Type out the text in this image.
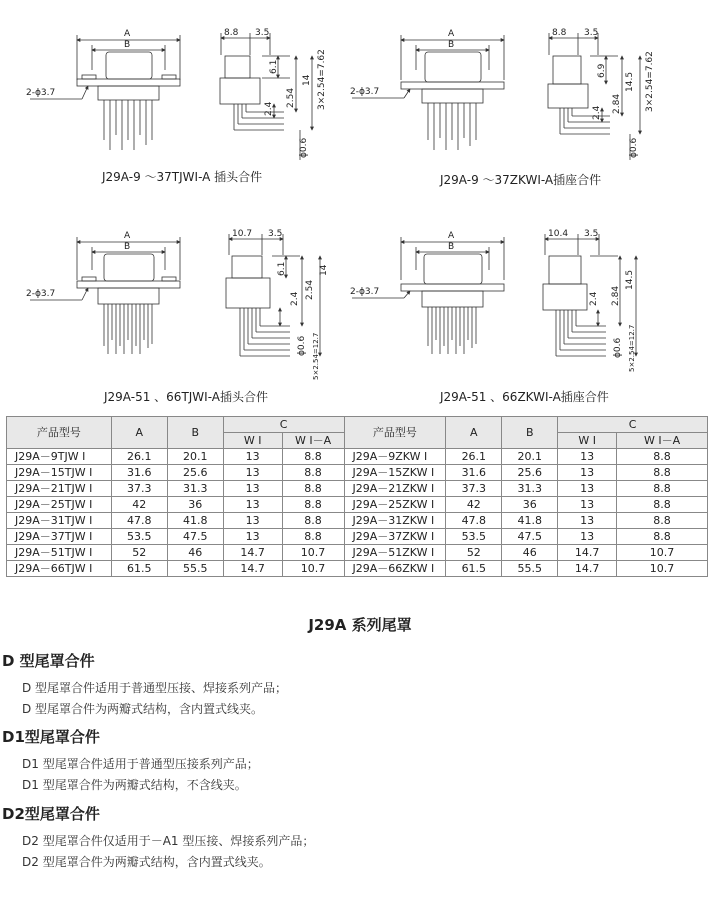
A
B
2-ϕ3.7
8.8 3.5
6.1
2.54
14
2.4	3×2.54=7.62
ϕ0.6
A
B
2-ϕ3.7
8.8 3.5
6.9
14.5
2.84
2.4
3×2.54=7.62
ϕ0.6
A
B
2-ϕ3.7
10.7 3.5
6.1
2.54
14
2.4
5×2.54=12.7
ϕ0.6
A
B
2-ϕ3.7
10.4 3.5
14.5
2.84
2.4
5×2.54=12.7
ϕ0.6
J29A-9 ～37TJWI-A 插头合件	J29A-9 ～37ZKWI-A插座合件
J29A-51 、66TJWI-A插头合件	J29A-51 、66ZKWI-A插座合件
产品型号	A	B	C		产品型号	A	B	C	
			W I	W I－A				W I	W I－A
J29A－9TJW I	26.1	20.1	13	8.8	J29A－9ZKW I	26.1	20.1	13	8.8
J29A－15TJW I	31.6	25.6	13	8.8	J29A－15ZKW I	31.6	25.6	13	8.8
J29A－21TJW I	37.3	31.3	13	8.8	J29A－21ZKW I	37.3	31.3	13	8.8
J29A－25TJW I	42	36	13	8.8	J29A－25ZKW I	42	36	13	8.8
J29A－31TJW I	47.8	41.8	13	8.8	J29A－31ZKW I	47.8	41.8	13	8.8
J29A－37TJW I	53.5	47.5	13	8.8	J29A－37ZKW I	53.5	47.5	13	8.8
J29A－51TJW I	52	46	14.7	10.7	J29A－51ZKW I	52	46	14.7	10.7
J29A－66TJW I	61.5	55.5	14.7	10.7	J29A－66ZKW I	61.5	55.5	14.7	10.7
J29A 系列尾罩
D 型尾罩合件
D 型尾罩合件适用于普通型压接、焊接系列产品；
D 型尾罩合件为两瓣式结构，含内置式线夹。
D1型尾罩合件
D1 型尾罩合件适用于普通型压接系列产品；
D1 型尾罩合件为两瓣式结构，不含线夹。
D2型尾罩合件
D2 型尾罩合件仅适用于－A1 型压接、焊接系列产品；
D2 型尾罩合件为两瓣式结构，含内置式线夹。
